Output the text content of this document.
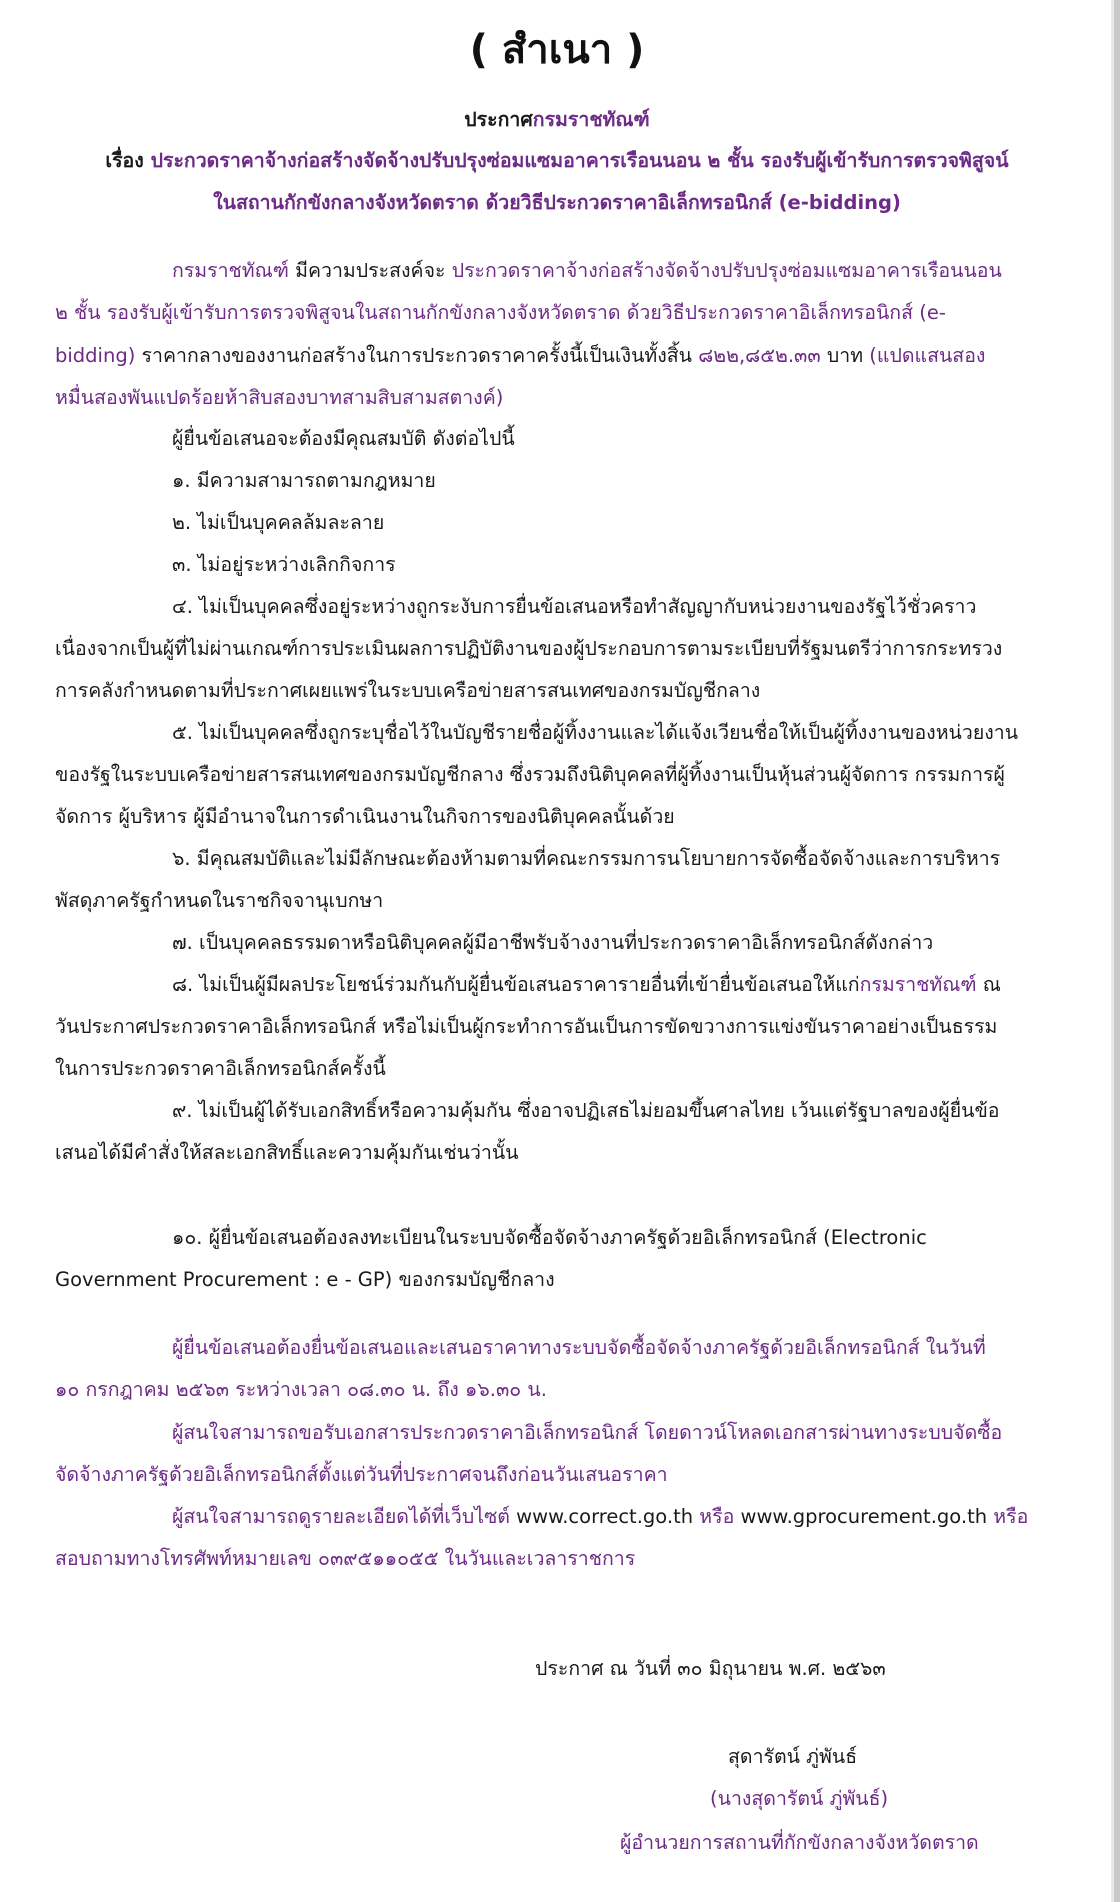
( สำเนา )
ประกาศกรมราชทัณฑ์
เรื่อง ประกวดราคาจ้างก่อสร้างจัดจ้างปรับปรุงซ่อมแซมอาคารเรือนนอน ๒ ชั้น รองรับผู้เข้ารับการตรวจพิสูจน์
ในสถานกักขังกลางจังหวัดตราด ด้วยวิธีประกวดราคาอิเล็กทรอนิกส์ (e-bidding)
กรมราชทัณฑ์ มีความประสงค์จะ ประกวดราคาจ้างก่อสร้างจัดจ้างปรับปรุงซ่อมแซมอาคารเรือนนอน
๒ ชั้น รองรับผู้เข้ารับการตรวจพิสูจนในสถานกักขังกลางจังหวัดตราด ด้วยวิธีประกวดราคาอิเล็กทรอนิกส์ (e-
bidding) ราคากลางของงานก่อสร้างในการประกวดราคาครั้งนี้เป็นเงินทั้งสิ้น ๘๒๒,๘๕๒.๓๓ บาท (แปดแสนสอง
หมื่นสองพันแปดร้อยห้าสิบสองบาทสามสิบสามสตางค์)
ผู้ยื่นข้อเสนอจะต้องมีคุณสมบัติ ดังต่อไปนี้
๑. มีความสามารถตามกฎหมาย
๒. ไม่เป็นบุคคลล้มละลาย
๓. ไม่อยู่ระหว่างเลิกกิจการ
๔. ไม่เป็นบุคคลซึ่งอยู่ระหว่างถูกระงับการยื่นข้อเสนอหรือทำสัญญากับหน่วยงานของรัฐไว้ชั่วคราว
เนื่องจากเป็นผู้ที่ไม่ผ่านเกณฑ์การประเมินผลการปฏิบัติงานของผู้ประกอบการตามระเบียบที่รัฐมนตรีว่าการกระทรวง
การคลังกำหนดตามที่ประกาศเผยแพร่ในระบบเครือข่ายสารสนเทศของกรมบัญชีกลาง
๕. ไม่เป็นบุคคลซึ่งถูกระบุชื่อไว้ในบัญชีรายชื่อผู้ทิ้งงานและได้แจ้งเวียนชื่อให้เป็นผู้ทิ้งงานของหน่วยงาน
ของรัฐในระบบเครือข่ายสารสนเทศของกรมบัญชีกลาง ซึ่งรวมถึงนิติบุคคลที่ผู้ทิ้งงานเป็นหุ้นส่วนผู้จัดการ กรรมการผู้
จัดการ ผู้บริหาร ผู้มีอำนาจในการดำเนินงานในกิจการของนิติบุคคลนั้นด้วย
๖. มีคุณสมบัติและไม่มีลักษณะต้องห้ามตามที่คณะกรรมการนโยบายการจัดซื้อจัดจ้างและการบริหาร
พัสดุภาครัฐกำหนดในราชกิจจานุเบกษา
๗. เป็นบุคคลธรรมดาหรือนิติบุคคลผู้มีอาชีพรับจ้างงานที่ประกวดราคาอิเล็กทรอนิกส์ดังกล่าว
๘. ไม่เป็นผู้มีผลประโยชน์ร่วมกันกับผู้ยื่นข้อเสนอราคารายอื่นที่เข้ายื่นข้อเสนอให้แก่กรมราชทัณฑ์ ณ
วันประกาศประกวดราคาอิเล็กทรอนิกส์ หรือไม่เป็นผู้กระทำการอันเป็นการขัดขวางการแข่งขันราคาอย่างเป็นธรรม
ในการประกวดราคาอิเล็กทรอนิกส์ครั้งนี้
๙. ไม่เป็นผู้ได้รับเอกสิทธิ์หรือความคุ้มกัน ซึ่งอาจปฏิเสธไม่ยอมขึ้นศาลไทย เว้นแต่รัฐบาลของผู้ยื่นข้อ
เสนอได้มีคำสั่งให้สละเอกสิทธิ์และความคุ้มกันเช่นว่านั้น
๑๐. ผู้ยื่นข้อเสนอต้องลงทะเบียนในระบบจัดซื้อจัดจ้างภาครัฐด้วยอิเล็กทรอนิกส์ (Electronic
Government Procurement : e - GP) ของกรมบัญชีกลาง
ผู้ยื่นข้อเสนอต้องยื่นข้อเสนอและเสนอราคาทางระบบจัดซื้อจัดจ้างภาครัฐด้วยอิเล็กทรอนิกส์ ในวันที่
๑๐ กรกฎาคม ๒๕๖๓ ระหว่างเวลา ๐๘.๓๐ น. ถึง ๑๖.๓๐ น.
ผู้สนใจสามารถขอรับเอกสารประกวดราคาอิเล็กทรอนิกส์ โดยดาวน์โหลดเอกสารผ่านทางระบบจัดซื้อ
จัดจ้างภาครัฐด้วยอิเล็กทรอนิกส์ตั้งแต่วันที่ประกาศจนถึงก่อนวันเสนอราคา
ผู้สนใจสามารถดูรายละเอียดได้ที่เว็บไซต์ www.correct.go.th หรือ www.gprocurement.go.th หรือ
สอบถามทางโทรศัพท์หมายเลข ๐๓๙๕๑๑๐๕๕ ในวันและเวลาราชการ
ประกาศ ณ วันที่ ๓๐ มิถุนายน พ.ศ. ๒๕๖๓
สุดารัตน์ ภู่พันธ์
(นางสุดารัตน์ ภู่พันธ์)
ผู้อำนวยการสถานที่กักขังกลางจังหวัดตราด
